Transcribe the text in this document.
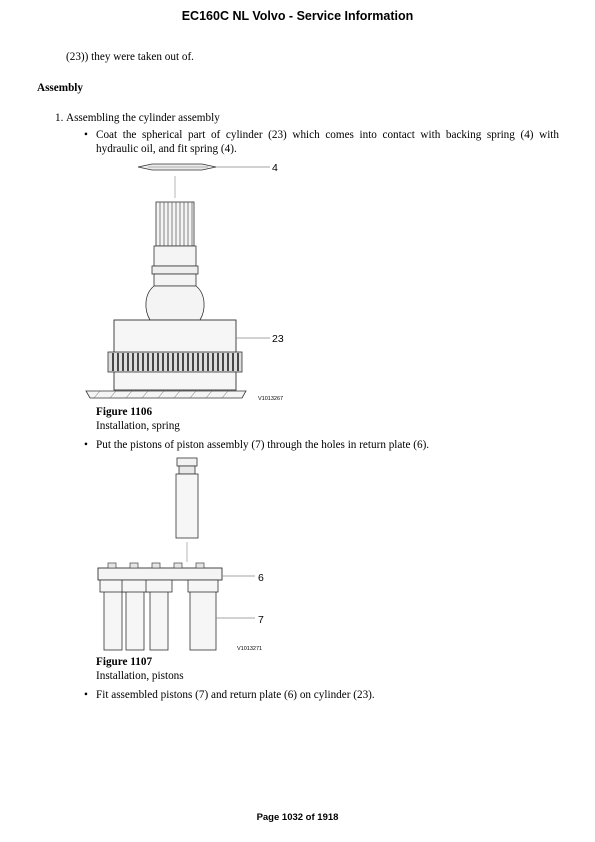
EC160C NL Volvo - Service Information
(23)) they were taken out of.
Assembly
1. Assembling the cylinder assembly
• Coat the spherical part of cylinder (23) which comes into contact with backing spring (4) with hydraulic oil, and fit spring (4).
4
23
V1013267
Figure 1106
Installation, spring
• Put the pistons of piston assembly (7) through the holes in return plate (6).
6
7
V1013271
Figure 1107
Installation, pistons
• Fit assembled pistons (7) and return plate (6) on cylinder (23).
Page 1032 of 1918
